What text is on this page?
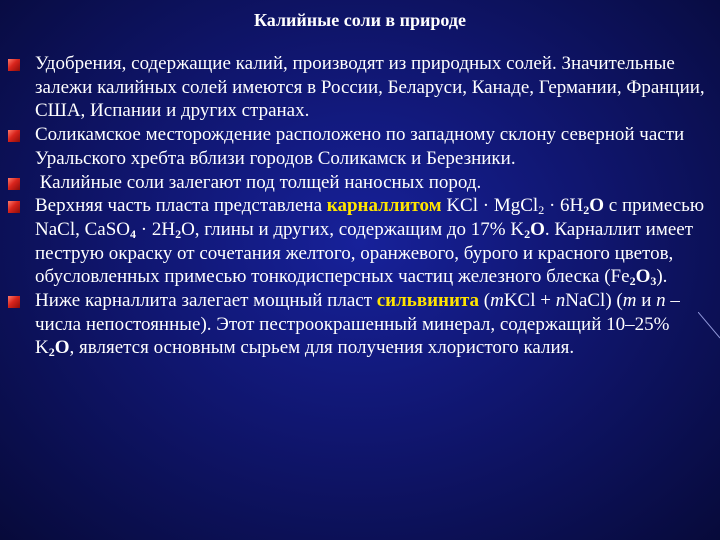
Калийные соли в природе
Удобрения, содержащие калий, производят из природных солей. Значительные залежи калийных солей имеются в России, Беларуси, Канаде, Германии, Франции, США, Испании и других странах.
Соликамское месторождение расположено по западному склону северной части Уральского хребта вблизи городов Соликамск и Березники.
Калийные соли залегают под толщей наносных пород.
Верхняя часть пласта представлена карналлитом KCl · MgCl$_2$ · $6H_2O$ с примесью NaCl, CaSO$_4$ · $2H_2O$, глины и других, содержащим до 17% $K_2O$. Карналлит имеет пеструю окраску от сочетания желтого, оранжевого, бурого и красного цветов, обусловленных примесью тонкодисперсных частиц железного блеска $(Fe_2O_3)$.
Ниже карналлита залегает мощный пласт сильвинита (mKCl + nNaCl) (m и n – числа непостоянные). Этот пестроокрашенный минерал, содержащий 10–25% $K_2O$, является основным сырьем для получения хлористого калия.
